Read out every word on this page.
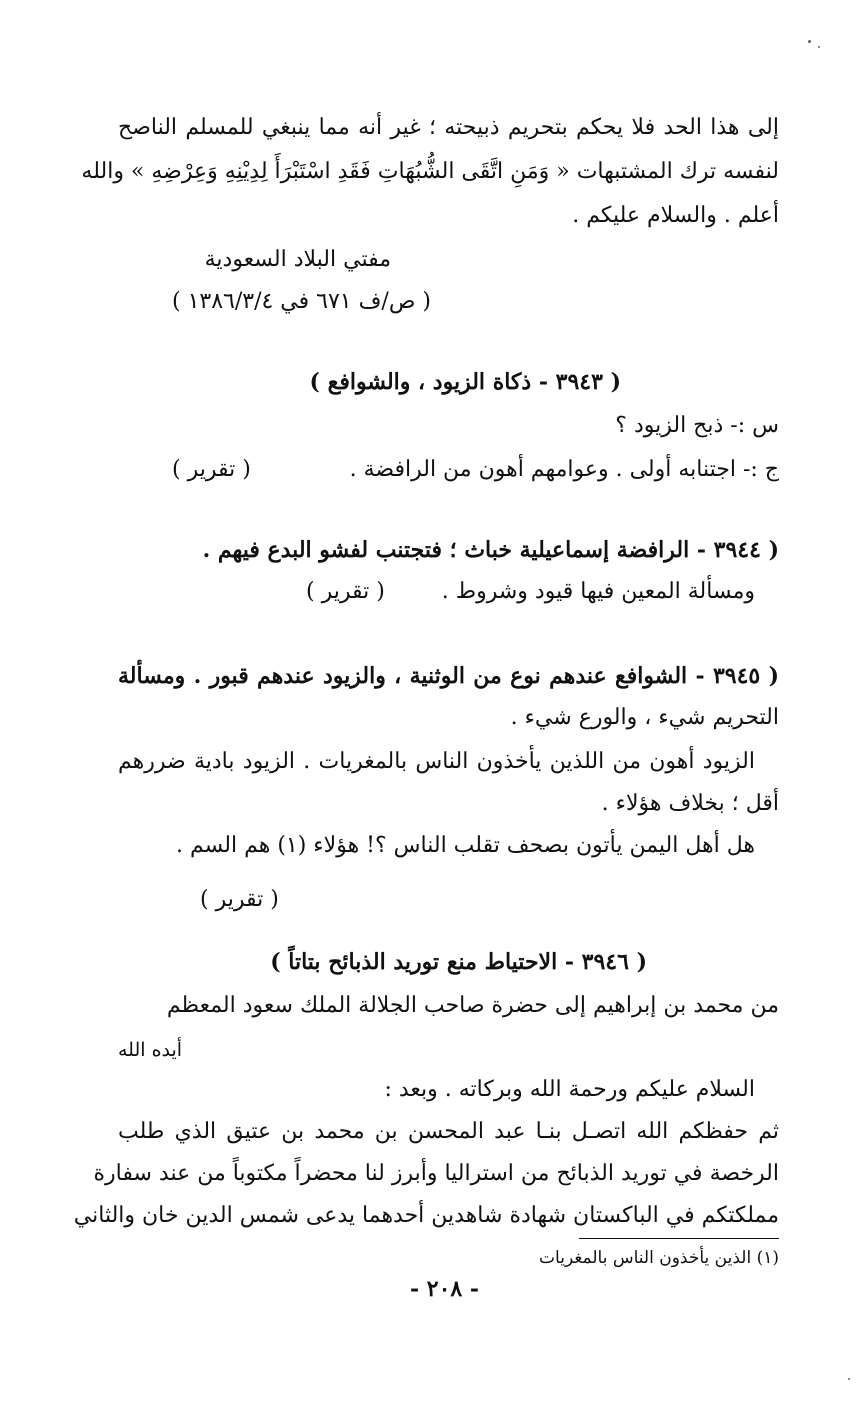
إلى هذا الحد فلا يحكم بتحريم ذبيحته ؛ غير أنه مما ينبغي للمسلم الناصح
لنفسه ترك المشتبهات « وَمَنِ اتَّقَى الشُّبُهَاتِ فَقَدِ اسْتَبْرَأَ لِدِيْنِهِ وَعِرْضِهِ » والله
أعلم . والسلام عليكم .
مفتي البلاد السعودية
( ص/ف ٦٧١ في ١٣٨٦/٣/٤ )
( ٣٩٤٣ - ذكاة الزيود ، والشوافع )
س :- ذبح الزيود ؟
ج :- اجتنابه أولى . وعوامهم أهون من الرافضة .
( تقرير )
( ٣٩٤٤ - الرافضة إسماعيلية خباث ؛ فتجتنب لفشو البدع فيهم .
ومسألة المعين فيها قيود وشروط .
( تقرير )
( ٣٩٤٥ - الشوافع عندهم نوع من الوثنية ، والزيود عندهم قبور . ومسألة
التحريم شيء ، والورع شيء .
الزيود أهون من اللذين يأخذون الناس بالمغريات . الزيود بادية ضررهم
أقل ؛ بخلاف هؤلاء .
هل أهل اليمن يأتون بصحف تقلب الناس ؟! هؤلاء (١) هم السم .
( تقرير )
( ٣٩٤٦ - الاحتياط منع توريد الذبائح بتاتاً )
من محمد بن إبراهيم إلى حضرة صاحب الجلالة الملك سعود المعظم
أيده الله
السلام عليكم ورحمة الله وبركاته . وبعد :
ثم حفظكم الله اتصـل بنـا عبد المحسن بن محمد بن عتيق الذي طلب
الرخصة في توريد الذبائح من استراليا وأبرز لنا محضراً مكتوباً من عند سفارة
مملكتكم في الباكستان شهادة شاهدين أحدهما يدعى شمس الدين خان والثاني
(١) الذين يأخذون الناس بالمغريات
- ٢٠٨ -
